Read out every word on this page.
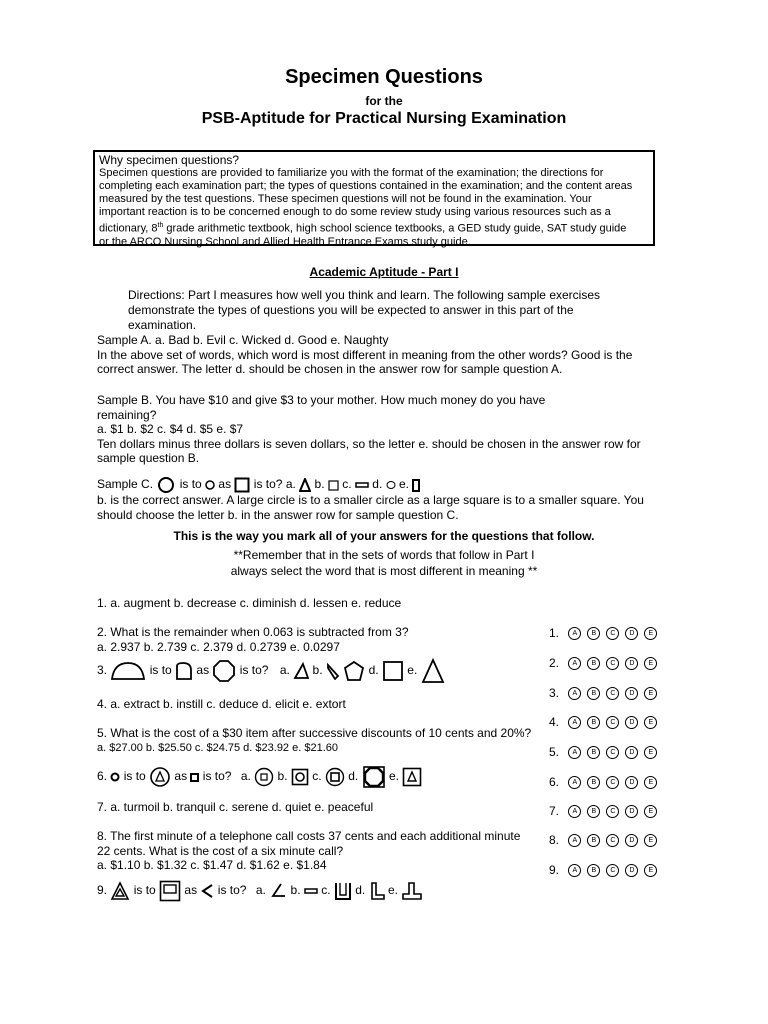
Specimen Questions
for the
PSB-Aptitude for Practical Nursing Examination
Why specimen questions?
Specimen questions are provided to familiarize you with the format of the examination; the directions for
completing each examination part; the types of questions contained in the examination; and the content areas
measured by the test questions. These specimen questions will not be found in the examination. Your
important reaction is to be concerned enough to do some review study using various resources such as a
dictionary, 8th grade arithmetic textbook, high school science textbooks, a GED study guide, SAT study guide
or the ARCO Nursing School and Allied Health Entrance Exams study guide.
Academic Aptitude - Part I
Directions: Part I measures how well you think and learn. The following sample exercises
demonstrate the types of questions you will be expected to answer in this part of the
examination.
Sample A. a. Bad b. Evil c. Wicked d. Good e. Naughty
In the above set of words, which word is most different in meaning from the other words? Good is the
correct answer. The letter d. should be chosen in the answer row for sample question A.
Sample B. You have $10 and give $3 to your mother. How much money do you have
remaining?
a. $1 b. $2 c. $4 d. $5 e. $7
Ten dollars minus three dollars is seven dollars, so the letter e. should be chosen in the answer row for
sample question B.
Sample C. is to as is to? a. b. c. d. e.
b. is the correct answer. A large circle is to a smaller circle as a large square is to a smaller square. You
should choose the letter b. in the answer row for sample question C.
This is the way you mark all of your answers for the questions that follow.
**Remember that in the sets of words that follow in Part I
always select the word that is most different in meaning **
1. a. augment b. decrease c. diminish d. lessen e. reduce
2. What is the remainder when 0.063 is subtracted from 3?
a. 2.937 b. 2.739 c. 2.379 d. 0.2739 e. 0.0297
3.	is to as	is to? a. b.	d. e.
4. a. extract b. instill c. deduce d. elicit e. extort
5. What is the cost of a $30 item after successive discounts of 10 cents and 20%?
a. $27.00 b. $25.50 c. $24.75 d. $23.92 e. $21.60
6. is to as is to? a. b. c. d.	e.
7. a. turmoil b. tranquil c. serene d. quiet e. peaceful
8. The first minute of a telephone call costs 37 cents and each additional minute
22 cents. What is the cost of a six minute call?
a. $1.10 b. $1.32 c. $1.47 d. $1.62 e. $1.84
9. is to as is to? a. b. c. d. e.
1. A B C D E
2. A B C D E
3. A B C D E
4. A B C D E
5. A B C D E
6. A B C D E
7. A B C D E
8. A B C D E
9. A B C D E
